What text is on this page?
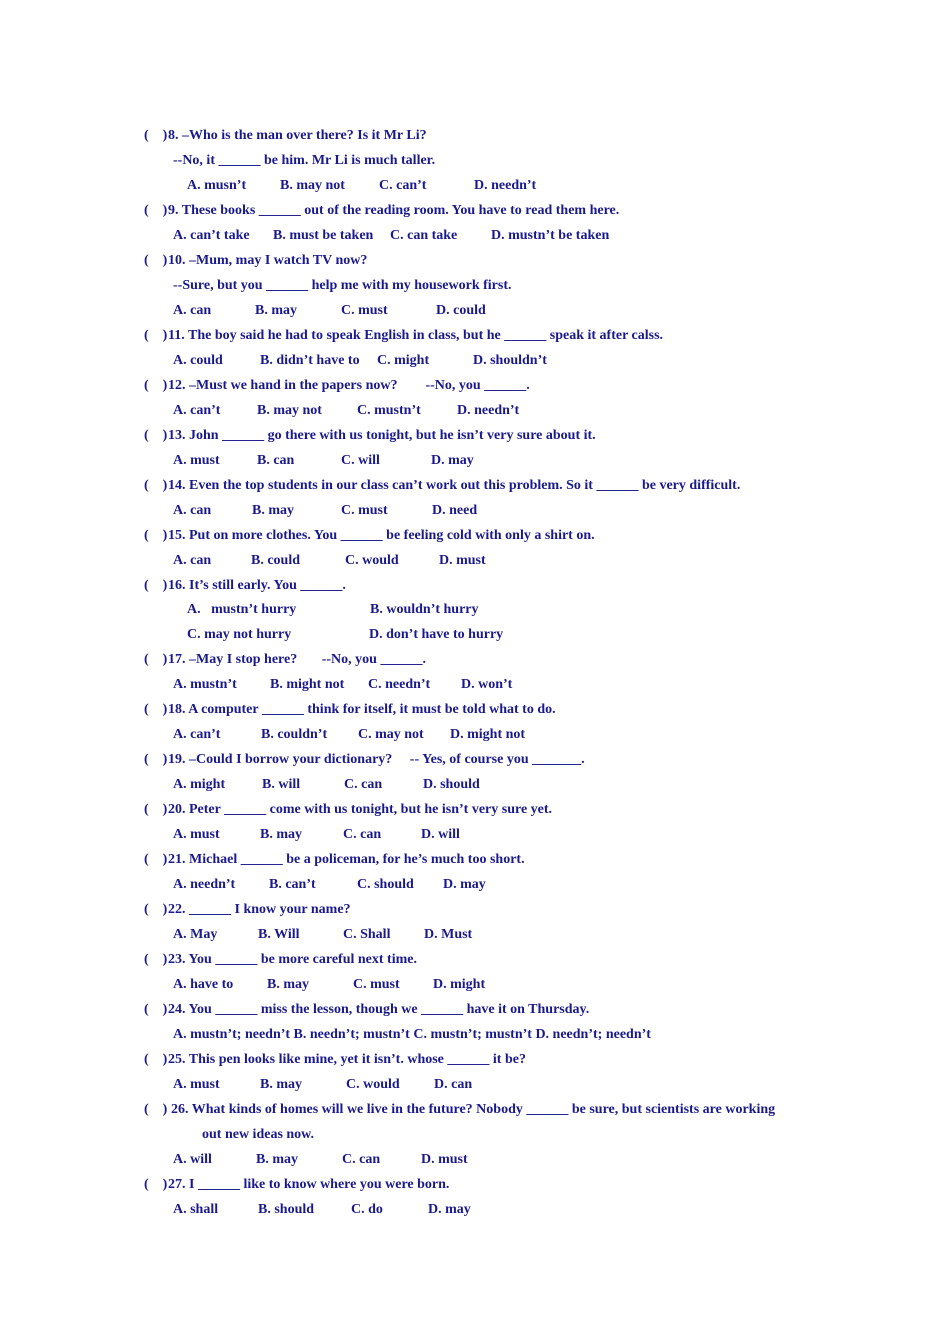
(    ) 8. –Who is the man over there? Is it Mr Li?
--No, it ______ be him. Mr Li is much taller.
A. musn’t B. may not C. can’t	D. needn’t
(    ) 9. These books ______ out of the reading room. You have to read them here.
A. can’t take B. must be taken C. can take D. mustn’t be taken
(    ) 10. –Mum, may I watch TV now?
--Sure, but you ______ help me with my housework first.
A. can	B. may	C. must	D. could
(    ) 11. The boy said he had to speak English in class, but he ______ speak it after calss.
A. could	B. didn’t have to C. might	D. shouldn’t
(    ) 12. –Must we hand in the papers now?        --No, you ______.
A. can’t	B. may not	C. mustn’t	D. needn’t
(    ) 13. John ______ go there with us tonight, but he isn’t very sure about it.
A. must	B. can	C. will	D. may
(    ) 14. Even the top students in our class can’t work out this problem. So it ______ be very difficult.
A. can	B. may	C. must	D. need
(    ) 15. Put on more clothes. You ______ be feeling cold with only a shirt on.
A. can	B. could	C. would	D. must
(    ) 16. It’s still early. You ______.
A.   mustn’t hurry	B. wouldn’t hurry
C. may not hurry	D. don’t have to hurry
(    ) 17. –May I stop here?       --No, you ______.
A. mustn’t B. might not C. needn’t D. won’t
(    ) 18. A computer ______ think for itself, it must be told what to do.
A. can’t	B. couldn’t C. may not D. might not
(    ) 19. –Could I borrow your dictionary?     -- Yes, of course you _______.
A. might	B. will	C. can	D. should
(    ) 20. Peter ______ come with us tonight, but he isn’t very sure yet.
A. must	B. may	C. can	D. will
(    ) 21. Michael ______ be a policeman, for he’s much too short.
A. needn’t B. can’t	C. should D. may
(    ) 22. ______ I know your name?
A. May	B. Will	C. Shall D. Must
(    ) 23. You ______ be more careful next time.
A. have to B. may	C. must D. might
(    ) 24. You ______ miss the lesson, though we ______ have it on Thursday.
A. mustn’t; needn’t B. needn’t; mustn’t C. mustn’t; mustn’t D. needn’t; needn’t
(    ) 25. This pen looks like mine, yet it isn’t. whose ______ it be?
A. must	B. may	C. would D. can
(    ) 26. What kinds of homes will we live in the future? Nobody ______ be sure, but scientists are working
out new ideas now.
A. will	B. may	C. can	D. must
(    ) 27. I ______ like to know where you were born.
A. shall	B. should	C. do	D. may
